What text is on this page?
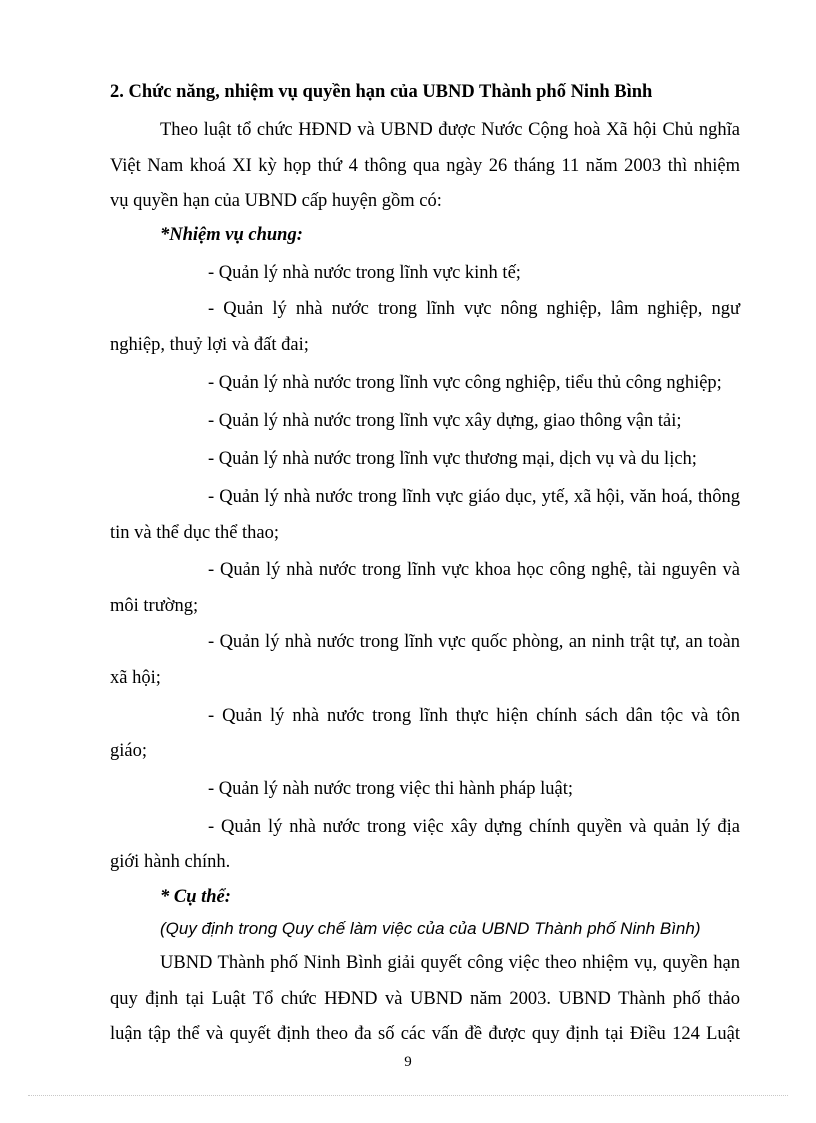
2. Chức năng, nhiệm vụ quyền hạn của UBND Thành phố Ninh Bình
Theo luật tổ chức HĐND và UBND được Nước Cộng hoà Xã hội Chủ nghĩa
Việt Nam khoá XI kỳ họp thứ 4 thông qua ngày 26 tháng 11 năm 2003 thì nhiệm
vụ quyền hạn của UBND cấp huyện gồm có:
*Nhiệm vụ chung:
- Quản lý nhà nước trong lĩnh vực kinh tế;
- Quản lý nhà nước trong lĩnh vực nông nghiệp, lâm nghiệp, ngư
nghiệp, thuỷ lợi và đất đai;
- Quản lý nhà nước trong lĩnh vực công nghiệp, tiểu thủ công nghiệp;
- Quản lý nhà nước trong lĩnh vực xây dựng, giao thông vận tải;
- Quản lý nhà nước trong lĩnh vực thương mại, dịch vụ và du lịch;
- Quản lý nhà nước trong lĩnh vực giáo dục, ytế, xã hội, văn hoá, thông
tin và thể dục thể thao;
- Quản lý nhà nước trong lĩnh vực khoa học công nghệ, tài nguyên và
môi trường;
- Quản lý nhà nước trong lĩnh vực quốc phòng, an ninh trật tự, an toàn
xã hội;
- Quản lý nhà nước trong lĩnh thực hiện chính sách dân tộc và tôn
giáo;
- Quản lý nàh nước trong việc thi hành pháp luật;
- Quản lý nhà nước trong việc xây dựng chính quyền và quản lý địa
giới hành chính.
* Cụ thể:
(Quy định trong Quy chế làm việc của của UBND Thành phố Ninh Bình)
UBND Thành phố Ninh Bình giải quyết công việc theo nhiệm vụ, quyền hạn
quy định tại Luật Tổ chức HĐND và UBND năm 2003. UBND Thành phố thảo
luận tập thể và quyết định theo đa số các vấn đề được quy định tại Điều 124 Luật
9
